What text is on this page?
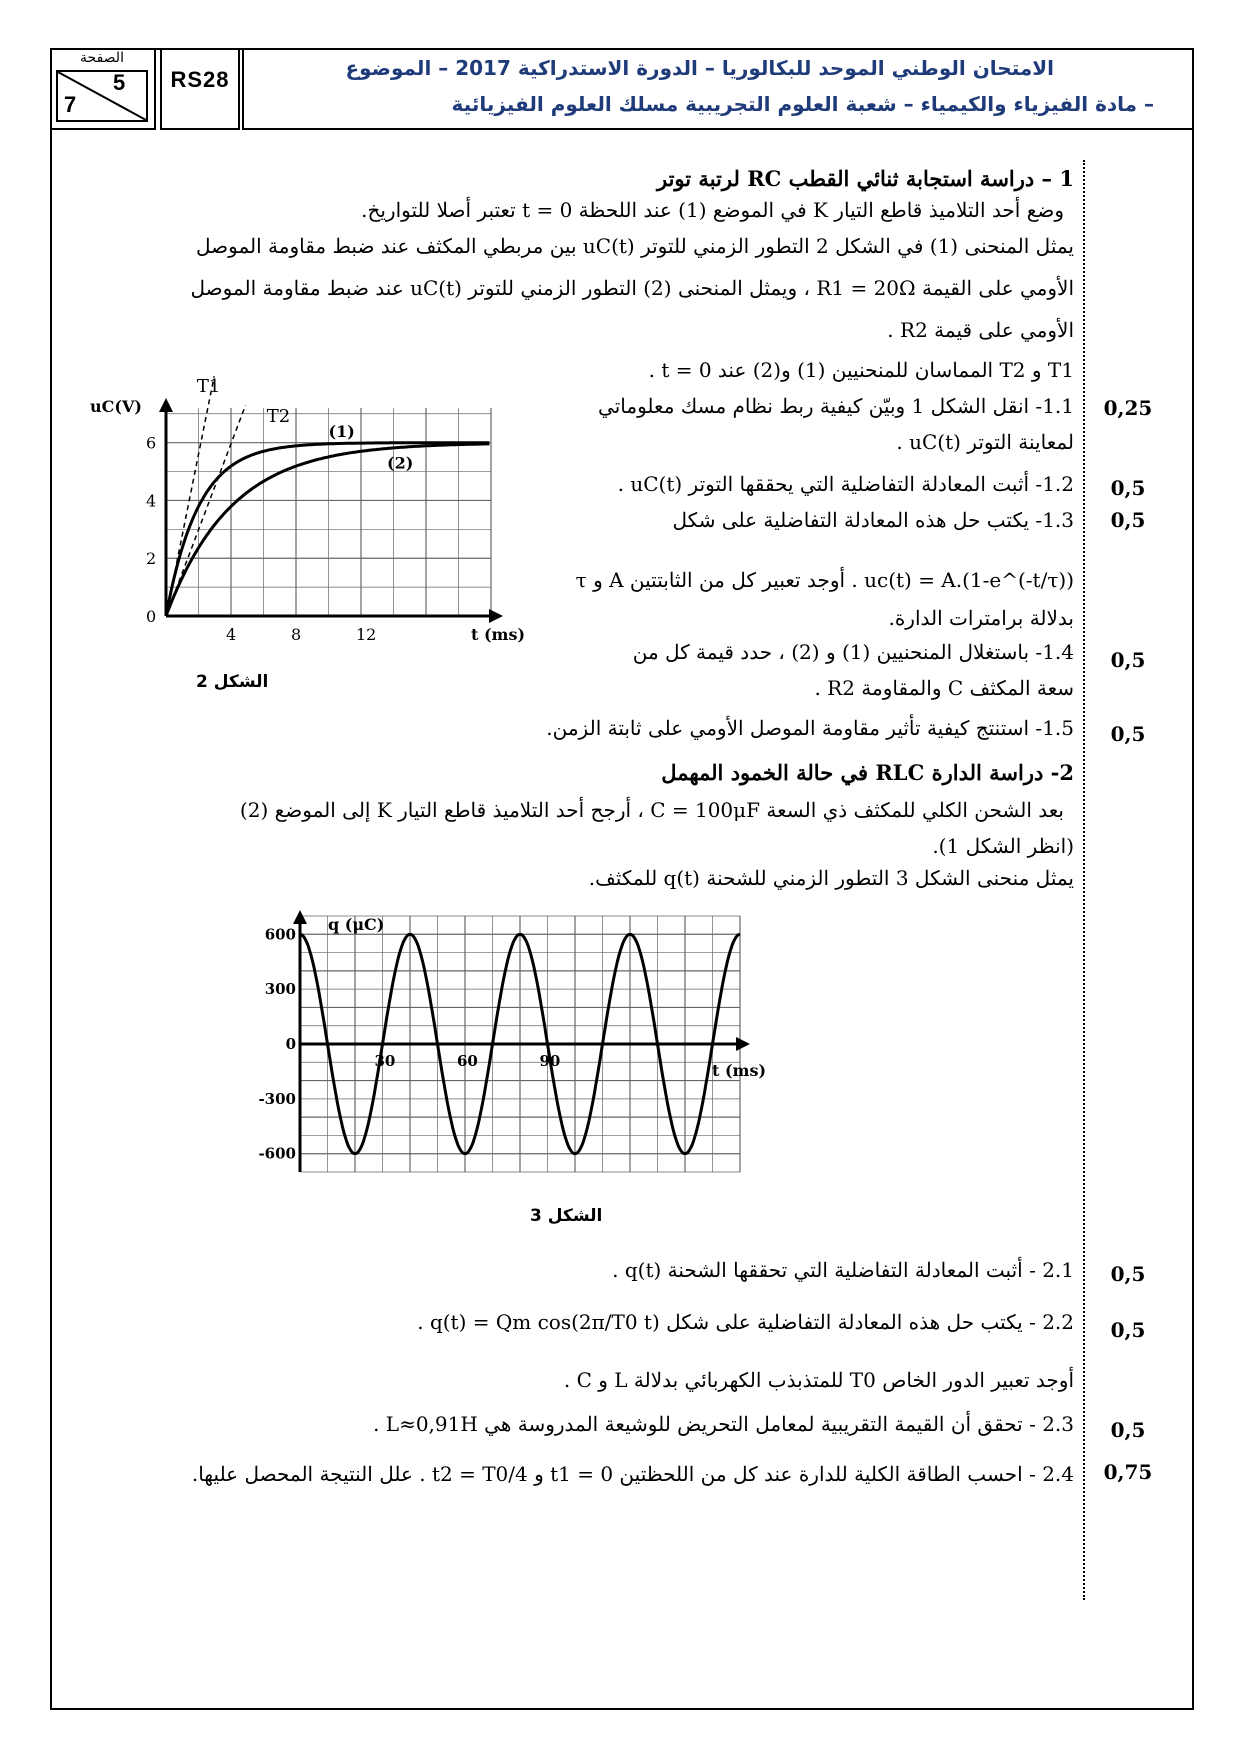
الصفحة
5
7
RS28	الامتحان الوطني الموحد للبكالوريا – الدورة الاستدراكية 2017 – الموضوع
– مادة الفيزياء والكيمياء – شعبة العلوم التجريبية مسلك العلوم الفيزيائية
1 – دراسة استجابة ثنائي القطب RC لرتبة توتر
وضع أحد التلاميذ قاطع التيار K في الموضع (1) عند اللحظة t = 0 تعتبر أصلا للتواريخ.
يمثل المنحنى (1) في الشكل 2 التطور الزمني للتوتر uC(t) بين مربطي المكثف عند ضبط مقاومة الموصل
الأومي على القيمة R1 = 20Ω ، ويمثل المنحنى (2) التطور الزمني للتوتر uC(t) عند ضبط مقاومة الموصل
الأومي على قيمة R2 .
T1 و T2 المماسان للمنحنيين (1) و(2) عند t = 0 .
1.1- انقل الشكل 1 وبيّن كيفية ربط نظام مسك معلوماتي
لمعاينة التوتر uC(t) .
1.2- أثبت المعادلة التفاضلية التي يحققها التوتر uC(t) .
1.3- يكتب حل هذه المعادلة التفاضلية على شكل
uc(t) = A.(1-e^(-t/τ)) . أوجد تعبير كل من الثابتتين A و τ
بدلالة برامترات الدارة.
1.4- باستغلال المنحنيين (1) و (2) ، حدد قيمة كل من
سعة المكثف C والمقاومة R2 .
1.5- استنتج كيفية تأثير مقاومة الموصل الأومي على ثابتة الزمن.
0,25
0,5
0,5
0,5
0,5
4	8	12
0
2
4
6
t (ms)
uC(V)
T1
T2
(1)
(2)
الشكل 2
2- دراسة الدارة RLC في حالة الخمود المهمل
بعد الشحن الكلي للمكثف ذي السعة C = 100μF ، أرجح أحد التلاميذ قاطع التيار K إلى الموضع (2)
(انظر الشكل 1).
يمثل منحنى الشكل 3 التطور الزمني للشحنة q(t) للمكثف.
30	60	90
600
300
0
-300
-600
t (ms)
q (μC)
الشكل 3
2.1 - أثبت المعادلة التفاضلية التي تحققها الشحنة q(t) .
2.2 - يكتب حل هذه المعادلة التفاضلية على شكل q(t) = Qm cos(2π/T0 t) .
أوجد تعبير الدور الخاص T0 للمتذبذب الكهربائي بدلالة L و C .
2.3 - تحقق أن القيمة التقريبية لمعامل التحريض للوشيعة المدروسة هي L≈0,91H .
2.4 - احسب الطاقة الكلية للدارة عند كل من اللحظتين t1 = 0 و t2 = T0/4 . علل النتيجة المحصل عليها.
0,5
0,5
0,5
0,75
